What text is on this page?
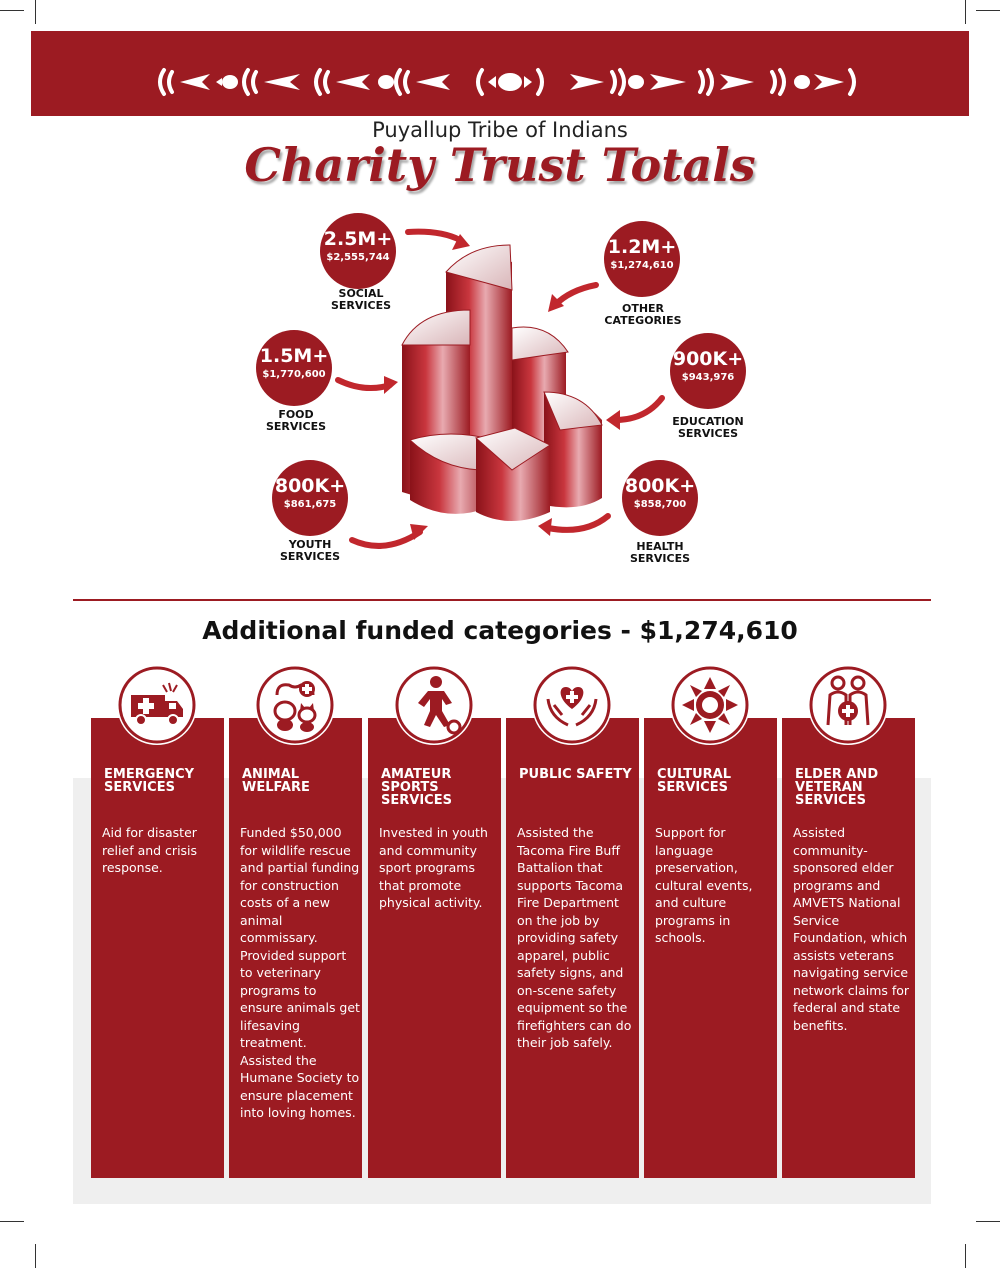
Puyallup Tribe of Indians
Charity Trust Totals
2.5M+
$2,555,744
SOCIAL
SERVICES
1.2M+
$1,274,610
OTHER
CATEGORIES
1.5M+
$1,770,600
FOOD
SERVICES
900K+
$943,976
EDUCATION
SERVICES
800K+
$861,675
YOUTH
SERVICES
800K+
$858,700
HEALTH
SERVICES
Additional funded categories - $1,274,610
EMERGENCY SERVICES
Aid for disaster relief and crisis response.
ANIMAL WELFARE
Funded $50,000 for wildlife rescue and partial funding for construction costs of a new animal commissary. Provided support to veterinary programs to ensure animals get lifesaving treatment. Assisted the Humane Society to ensure placement into loving homes.
AMATEUR SPORTS SERVICES
Invested in youth and community sport programs that promote physical activity.
PUBLIC SAFETY
Assisted the Tacoma Fire Buff Battalion that supports Tacoma Fire Department on the job by providing safety apparel, public safety signs, and on-scene safety equipment so the firefighters can do their job safely.
CULTURAL SERVICES
Support for language preservation, cultural events, and culture programs in schools.
ELDER AND VETERAN SERVICES
Assisted community-sponsored elder programs and AMVETS National Service Foundation, which assists veterans navigating service network claims for federal and state benefits.
